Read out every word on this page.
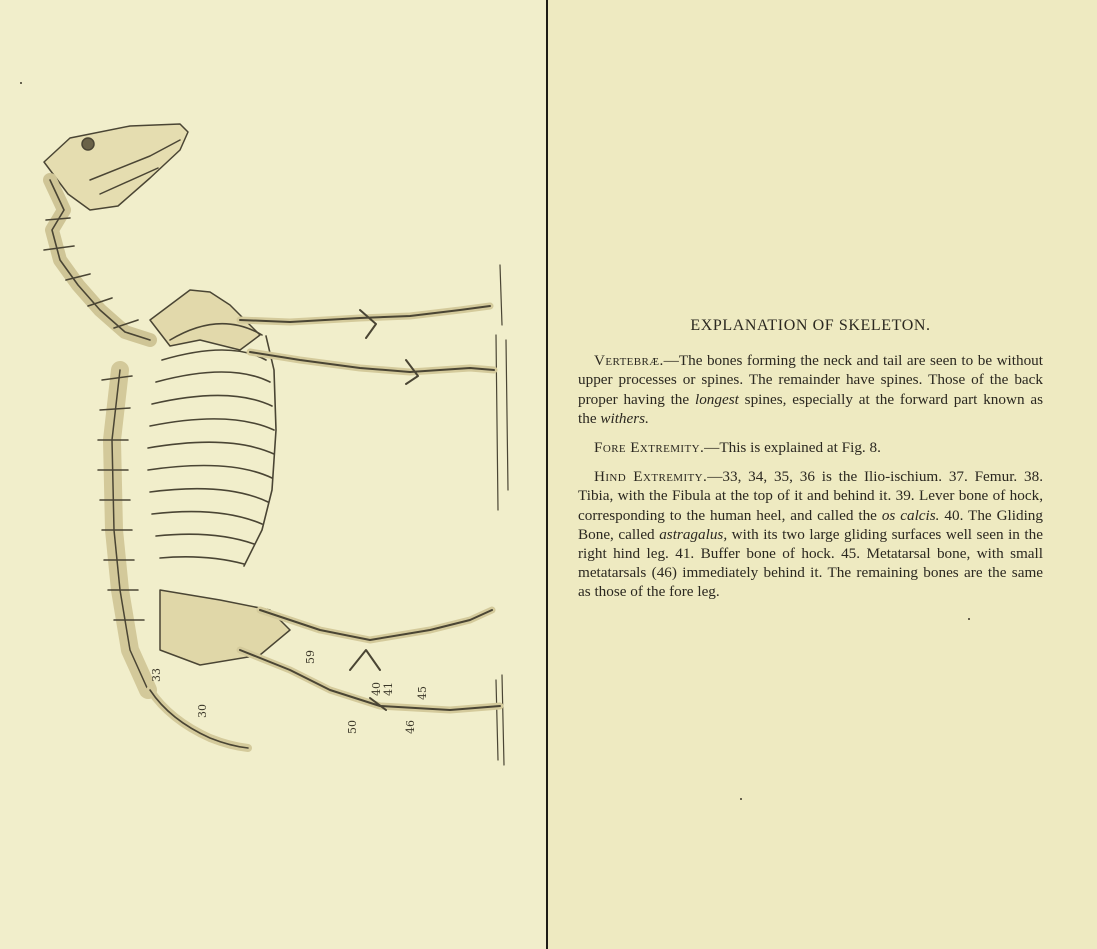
33
30
59
40 41 45
46
50
EXPLANATION OF SKELETON.

Vertebræ.—The bones forming the neck and tail are seen to be without upper processes or spines. The remainder have spines. Those of the back proper having the longest spines, especially at the forward part known as the withers.

Fore Extremity.—This is explained at Fig. 8.

Hind Extremity.—33, 34, 35, 36 is the Ilio-ischium. 37. Femur. 38. Tibia, with the Fibula at the top of it and behind it. 39. Lever bone of hock, corresponding to the human heel, and called the os calcis. 40. The Gliding Bone, called astragalus, with its two large gliding surfaces well seen in the right hind leg. 41. Buffer bone of hock. 45. Metatarsal bone, with small metatarsals (46) immediately behind it. The remaining bones are the same as those of the fore leg.
